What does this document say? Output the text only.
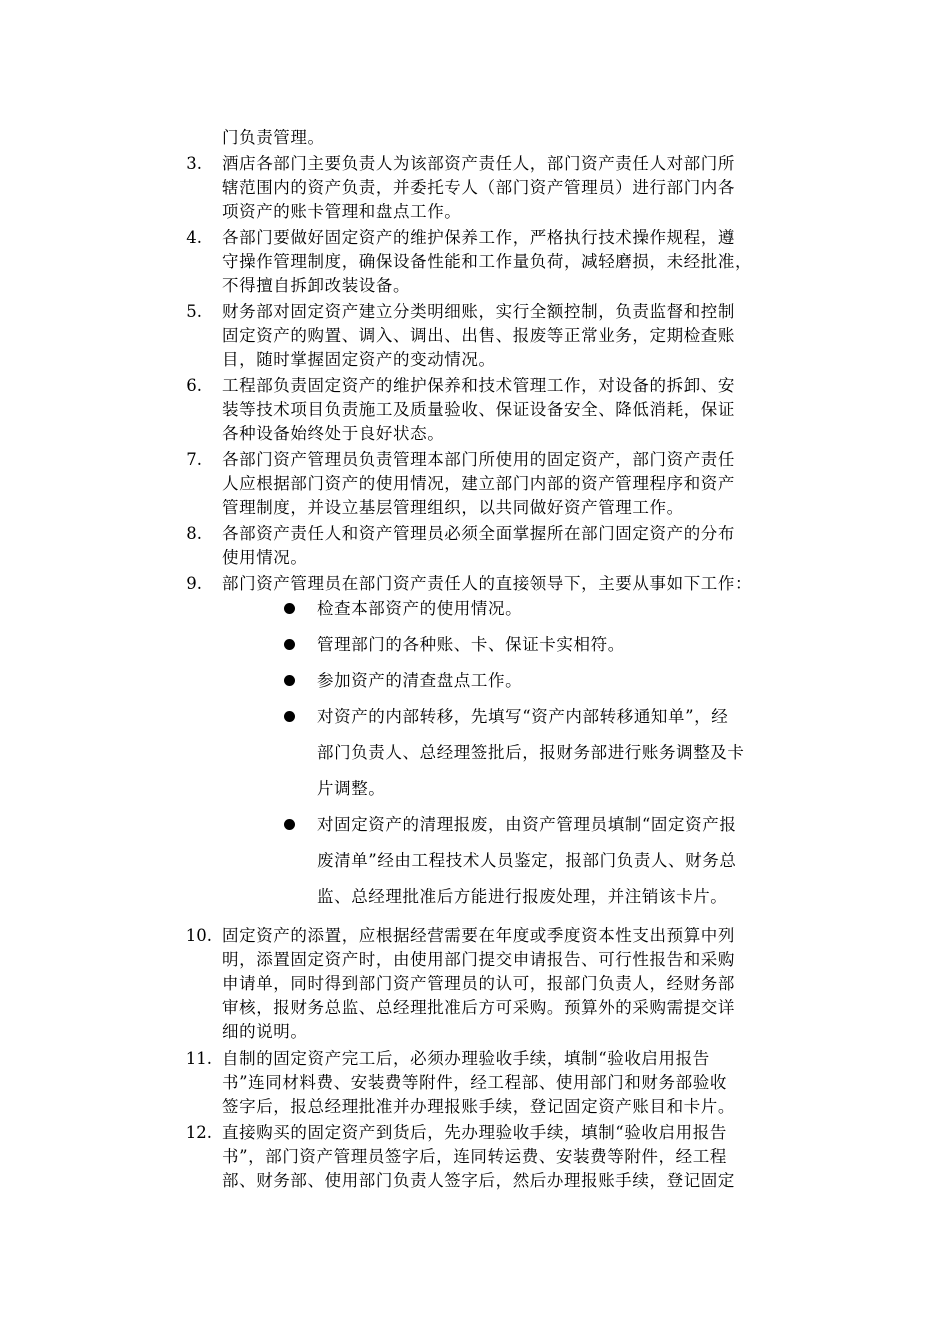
门负责管理。
3. 酒店各部门主要负责人为该部资产责任人，部门资产责任人对部门所
辖范围内的资产负责，并委托专人（部门资产管理员）进行部门内各
项资产的账卡管理和盘点工作。
4. 各部门要做好固定资产的维护保养工作，严格执行技术操作规程，遵
守操作管理制度，确保设备性能和工作量负荷，减轻磨损，未经批准，
不得擅自拆卸改装设备。
5. 财务部对固定资产建立分类明细账，实行全额控制，负责监督和控制
固定资产的购置、调入、调出、出售、报废等正常业务，定期检查账
目，随时掌握固定资产的变动情况。
6. 工程部负责固定资产的维护保养和技术管理工作，对设备的拆卸、安
装等技术项目负责施工及质量验收、保证设备安全、降低消耗，保证
各种设备始终处于良好状态。
7. 各部门资产管理员负责管理本部门所使用的固定资产，部门资产责任
人应根据部门资产的使用情况，建立部门内部的资产管理程序和资产
管理制度，并设立基层管理组织，以共同做好资产管理工作。
8. 各部资产责任人和资产管理员必须全面掌握所在部门固定资产的分布
使用情况。
9. 部门资产管理员在部门资产责任人的直接领导下，主要从事如下工作：
检查本部资产的使用情况。
管理部门的各种账、卡、保证卡实相符。
参加资产的清查盘点工作。
对资产的内部转移，先填写“资产内部转移通知单”，经
部门负责人、总经理签批后，报财务部进行账务调整及卡
片调整。
对固定资产的清理报废，由资产管理员填制“固定资产报
废清单”经由工程技术人员鉴定，报部门负责人、财务总
监、总经理批准后方能进行报废处理，并注销该卡片。
10. 固定资产的添置，应根据经营需要在年度或季度资本性支出预算中列
明，添置固定资产时，由使用部门提交申请报告、可行性报告和采购
申请单，同时得到部门资产管理员的认可，报部门负责人，经财务部
审核，报财务总监、总经理批准后方可采购。预算外的采购需提交详
细的说明。
11. 自制的固定资产完工后，必须办理验收手续，填制“验收启用报告
书”连同材料费、安装费等附件，经工程部、使用部门和财务部验收
签字后，报总经理批准并办理报账手续，登记固定资产账目和卡片。
12. 直接购买的固定资产到货后，先办理验收手续，填制“验收启用报告
书”，部门资产管理员签字后，连同转运费、安装费等附件，经工程
部、财务部、使用部门负责人签字后，然后办理报账手续，登记固定
